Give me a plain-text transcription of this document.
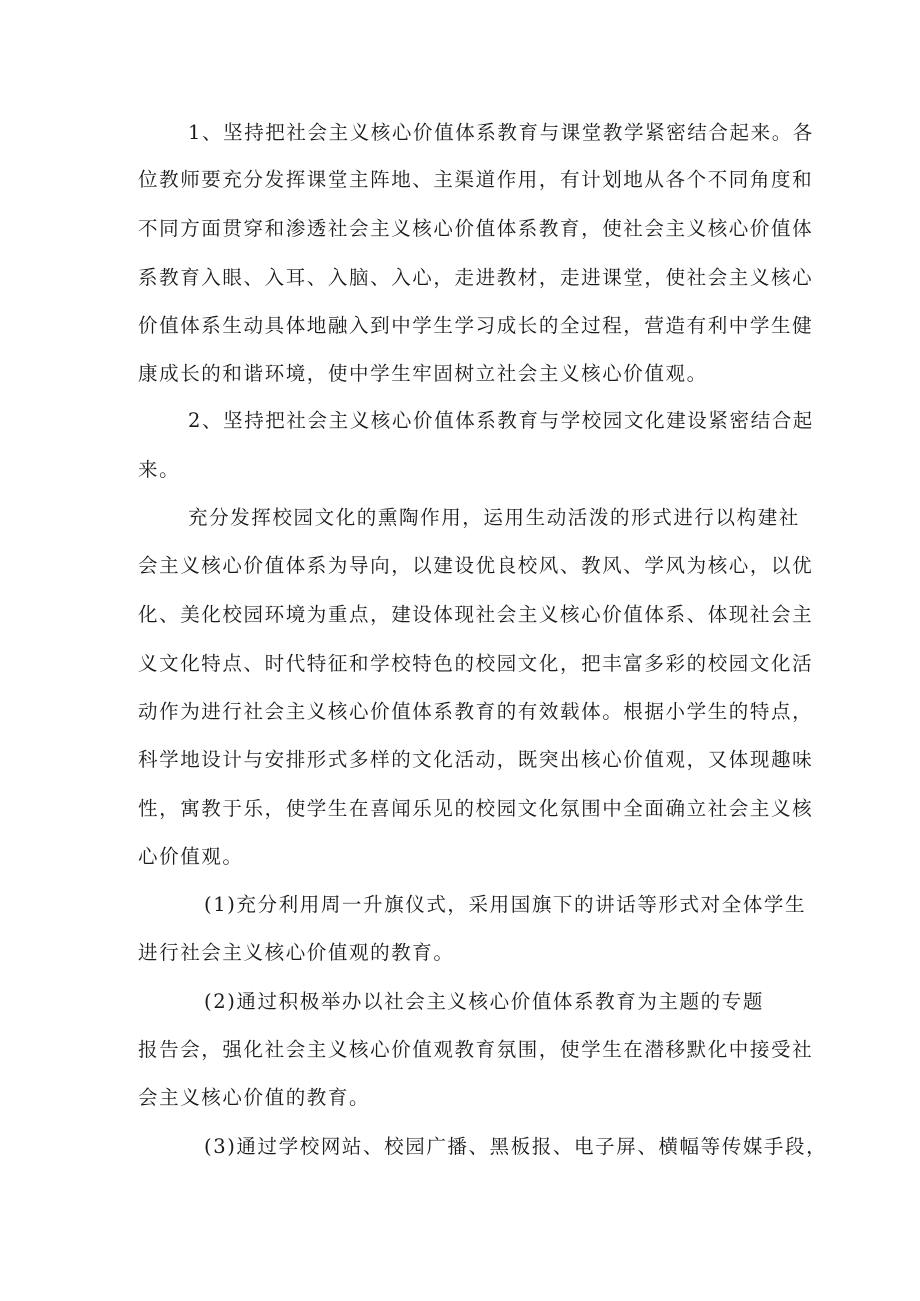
1、坚持把社会主义核心价值体系教育与课堂教学紧密结合起来。各
位教师要充分发挥课堂主阵地、主渠道作用，有计划地从各个不同角度和
不同方面贯穿和渗透社会主义核心价值体系教育，使社会主义核心价值体
系教育入眼、入耳、入脑、入心，走进教材，走进课堂，使社会主义核心
价值体系生动具体地融入到中学生学习成长的全过程，营造有利中学生健
康成长的和谐环境，使中学生牢固树立社会主义核心价值观。
2、坚持把社会主义核心价值体系教育与学校园文化建设紧密结合起
来。
充分发挥校园文化的熏陶作用，运用生动活泼的形式进行以构建社
会主义核心价值体系为导向，以建设优良校风、教风、学风为核心，以优
化、美化校园环境为重点，建设体现社会主义核心价值体系、体现社会主
义文化特点、时代特征和学校特色的校园文化，把丰富多彩的校园文化活
动作为进行社会主义核心价值体系教育的有效载体。根据小学生的特点，
科学地设计与安排形式多样的文化活动，既突出核心价值观，又体现趣味
性，寓教于乐，使学生在喜闻乐见的校园文化氛围中全面确立社会主义核
心价值观。
(1)充分利用周一升旗仪式，采用国旗下的讲话等形式对全体学生
进行社会主义核心价值观的教育。
(2)通过积极举办以社会主义核心价值体系教育为主题的专题
报告会，强化社会主义核心价值观教育氛围，使学生在潜移默化中接受社
会主义核心价值的教育。
(3)通过学校网站、校园广播、黑板报、电子屏、横幅等传媒手段，
